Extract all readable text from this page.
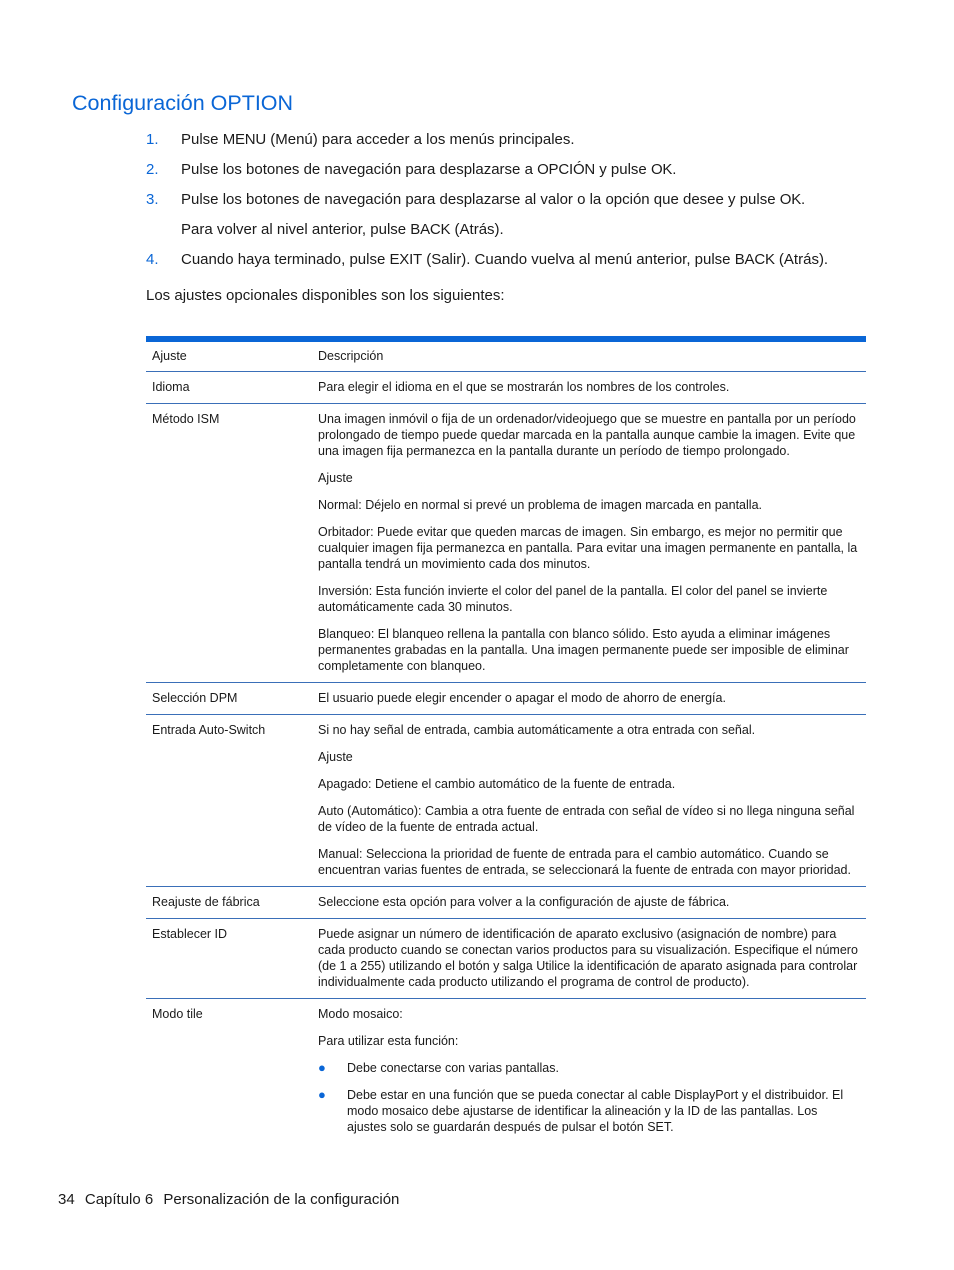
Configuración OPTION
1. Pulse MENU (Menú) para acceder a los menús principales.
2. Pulse los botones de navegación para desplazarse a OPCIÓN y pulse OK.
3. Pulse los botones de navegación para desplazarse al valor o la opción que desee y pulse OK.
Para volver al nivel anterior, pulse BACK (Atrás).
4. Cuando haya terminado, pulse EXIT (Salir). Cuando vuelva al menú anterior, pulse BACK (Atrás).
Los ajustes opcionales disponibles son los siguientes:
Ajuste	Descripción
Idioma	Para elegir el idioma en el que se mostrarán los nombres de los controles.

Método ISM	Una imagen inmóvil o fija de un ordenador/videojuego que se muestre en pantalla por un período prolongado de tiempo puede quedar marcada en la pantalla aunque cambie la imagen. Evite que una imagen fija permanezca en la pantalla durante un período de tiempo prolongado.

Ajuste

Normal: Déjelo en normal si prevé un problema de imagen marcada en pantalla.

Orbitador: Puede evitar que queden marcas de imagen. Sin embargo, es mejor no permitir que cualquier imagen fija permanezca en pantalla. Para evitar una imagen permanente en pantalla, la pantalla tendrá un movimiento cada dos minutos.

Inversión: Esta función invierte el color del panel de la pantalla. El color del panel se invierte automáticamente cada 30 minutos.

Blanqueo: El blanqueo rellena la pantalla con blanco sólido. Esto ayuda a eliminar imágenes permanentes grabadas en la pantalla. Una imagen permanente puede ser imposible de eliminar completamente con blanqueo.

Selección DPM	El usuario puede elegir encender o apagar el modo de ahorro de energía.

Entrada Auto-Switch	Si no hay señal de entrada, cambia automáticamente a otra entrada con señal.

Ajuste

Apagado: Detiene el cambio automático de la fuente de entrada.

Auto (Automático): Cambia a otra fuente de entrada con señal de vídeo si no llega ninguna señal de vídeo de la fuente de entrada actual.

Manual: Selecciona la prioridad de fuente de entrada para el cambio automático. Cuando se encuentran varias fuentes de entrada, se seleccionará la fuente de entrada con mayor prioridad.

Reajuste de fábrica	Seleccione esta opción para volver a la configuración de ajuste de fábrica.

Establecer ID	Puede asignar un número de identificación de aparato exclusivo (asignación de nombre) para cada producto cuando se conectan varios productos para su visualización. Especifique el número (de 1 a 255) utilizando el botón y salga Utilice la identificación de aparato asignada para controlar individualmente cada producto utilizando el programa de control de producto).

Modo tile	Modo mosaico:

Para utilizar esta función:

● Debe conectarse con varias pantallas.
● Debe estar en una función que se pueda conectar al cable DisplayPort y el distribuidor. El modo mosaico debe ajustarse de identificar la alineación y la ID de las pantallas. Los ajustes solo se guardarán después de pulsar el botón SET.
34 Capítulo 6 Personalización de la configuración
